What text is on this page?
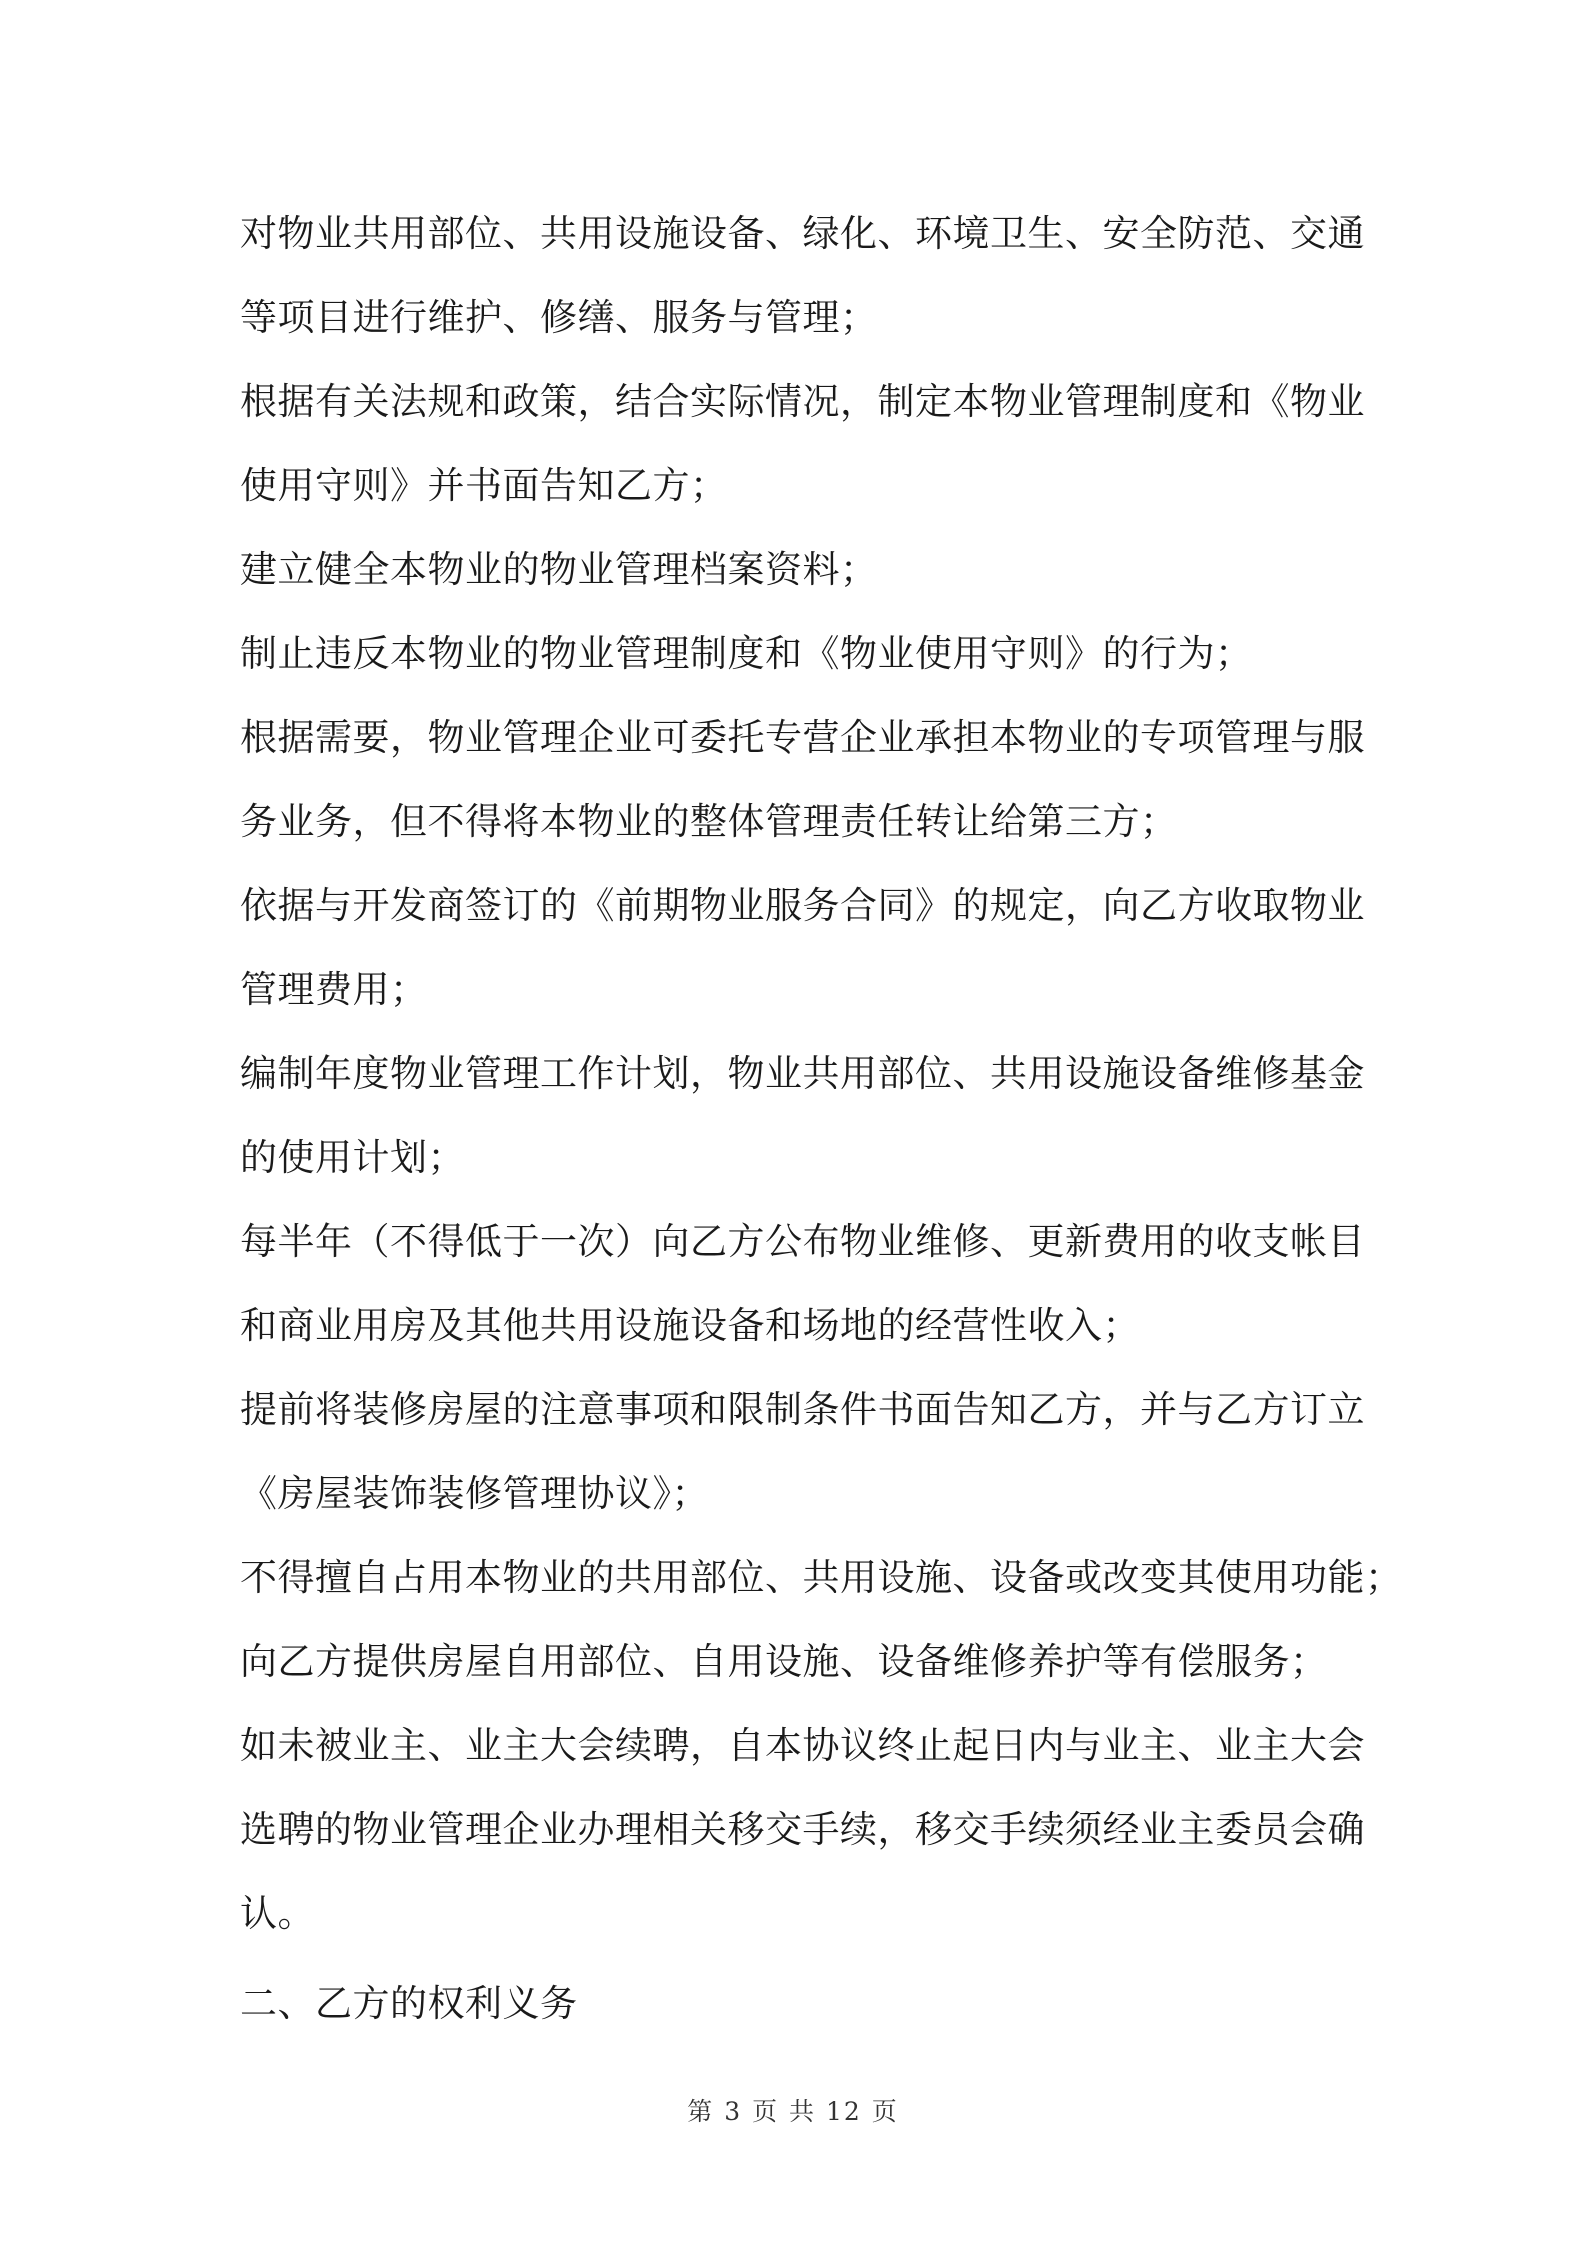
对物业共用部位、共用设施设备、绿化、环境卫生、安全防范、交通
等项目进行维护、修缮、服务与管理；
根据有关法规和政策，结合实际情况，制定本物业管理制度和《物业
使用守则》并书面告知乙方；
建立健全本物业的物业管理档案资料；
制止违反本物业的物业管理制度和《物业使用守则》的行为；
根据需要，物业管理企业可委托专营企业承担本物业的专项管理与服
务业务，但不得将本物业的整体管理责任转让给第三方；
依据与开发商签订的《前期物业服务合同》的规定，向乙方收取物业
管理费用；
编制年度物业管理工作计划，物业共用部位、共用设施设备维修基金
的使用计划；
每半年（不得低于一次）向乙方公布物业维修、更新费用的收支帐目
和商业用房及其他共用设施设备和场地的经营性收入；
提前将装修房屋的注意事项和限制条件书面告知乙方，并与乙方订立
《房屋装饰装修管理协议》；
不得擅自占用本物业的共用部位、共用设施、设备或改变其使用功能；
向乙方提供房屋自用部位、自用设施、设备维修养护等有偿服务；
如未被业主、业主大会续聘，自本协议终止起日内与业主、业主大会
选聘的物业管理企业办理相关移交手续，移交手续须经业主委员会确
认。
二、乙方的权利义务
第 3 页 共 12 页
